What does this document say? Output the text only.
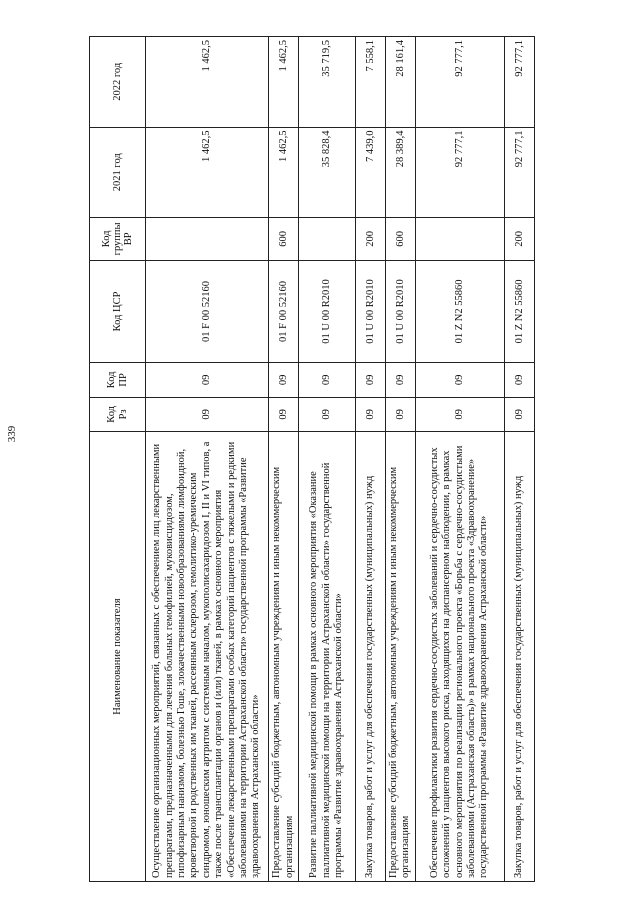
339
Наименование показателя	Код Рз	Код ПР	Код ЦСР	Код группы ВР	2021 год	2022 год
Осуществление организационных мероприятий, связанных с обеспечением лиц лекарственными препаратами, предназначенными для лечения больных гемофилией, муковисцидозом, гипофизарным нанизмом, болезнью Гоше, злокачественными новообразованиями лимфоидной, кроветворной и родственных им тканей, рассеянным склерозом, гемолитико-уремическим синдромом, юношеским артритом с системным началом, мукополисахаридозом I, II и VI типов, а также после трансплантации органов и (или) тканей, в рамках основного мероприятия «Обеспечение лекарственными препаратами особых категорий пациентов с тяжелыми и редкими заболеваниями на территории Астраханской области» государственной программы «Развитие здравоохранения Астраханской области»	09	09	01 F 00 52160		1 462,5	1 462,5
Предоставление субсидий бюджетным, автономным учреждениям и иным некоммерческим организациям	09	09	01 F 00 52160	600	1 462,5	1 462,5
Развитие паллиативной медицинской помощи в рамках основного мероприятия «Оказание паллиативной медицинской помощи на территории Астраханской области» государственной программы «Развитие здравоохранения Астраханской области»	09	09	01 U 00 R2010		35 828,4	35 719,5
Закупка товаров, работ и услуг для обеспечения государственных (муниципальных) нужд	09	09	01 U 00 R2010	200	7 439,0	7 558,1
Предоставление субсидий бюджетным, автономным учреждениям и иным некоммерческим организациям	09	09	01 U 00 R2010	600	28 389,4	28 161,4
Обеспечение профилактики развития сердечно-сосудистых заболеваний и сердечно-сосудистых осложнений у пациентов высокого риска, находящихся на диспансерном наблюдении, в рамках основного мероприятия по реализации регионального проекта «Борьба с сердечно-сосудистыми заболеваниями (Астраханская область)» в рамках национального проекта «Здравоохранение» государственной программы «Развитие здравоохранения Астраханской области»	09	09	01 Z N2 55860		92 777,1	92 777,1
Закупка товаров, работ и услуг для обеспечения государственных (муниципальных) нужд	09	09	01 Z N2 55860	200	92 777,1	92 777,1
